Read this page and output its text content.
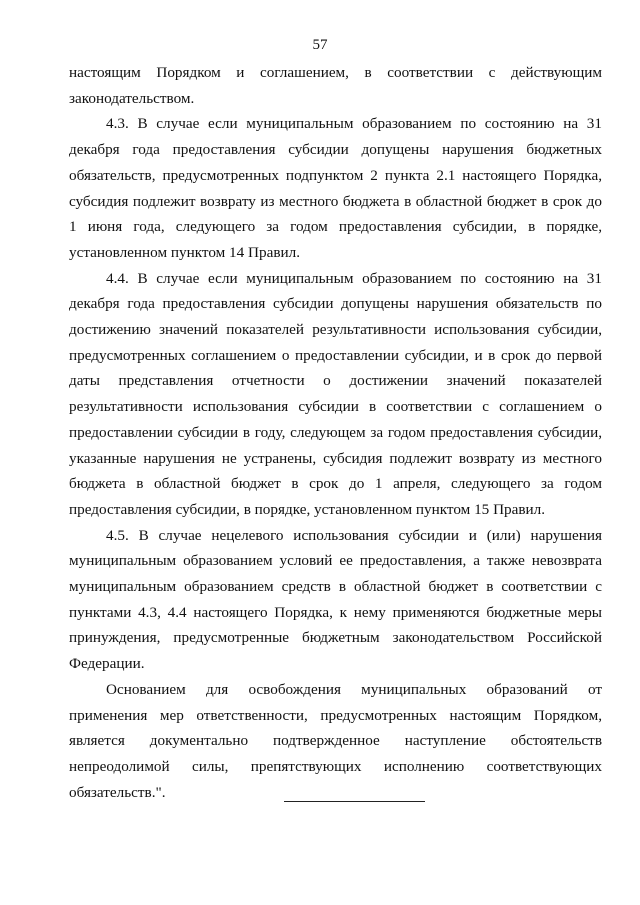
57

настоящим Порядком и соглашением, в соответствии с действующим законодательством.

4.3. В случае если муниципальным образованием по состоянию на 31 декабря года предоставления субсидии допущены нарушения бюджетных обязательств, предусмотренных подпунктом 2 пункта 2.1 настоящего Порядка, субсидия подлежит возврату из местного бюджета в областной бюджет в срок до 1 июня года, следующего за годом предоставления субсидии, в порядке, установленном пунктом 14 Правил.

4.4. В случае если муниципальным образованием по состоянию на 31 декабря года предоставления субсидии допущены нарушения обязательств по достижению значений показателей результативности использования субсидии, предусмотренных соглашением о предоставлении субсидии, и в срок до первой даты представления отчетности о достижении значений показателей результативности использования субсидии в соответствии с соглашением о предоставлении субсидии в году, следующем за годом предоставления субсидии, указанные нарушения не устранены, субсидия подлежит возврату из местного бюджета в областной бюджет в срок до 1 апреля, следующего за годом предоставления субсидии, в порядке, установленном пунктом 15 Правил.

4.5. В случае нецелевого использования субсидии и (или) нарушения муниципальным образованием условий ее предоставления, а также невозврата муниципальным образованием средств в областной бюджет в соответствии с пунктами 4.3, 4.4 настоящего Порядка, к нему применяются бюджетные меры принуждения, предусмотренные бюджетным законодательством Российской Федерации.

Основанием для освобождения муниципальных образований от применения мер ответственности, предусмотренных настоящим Порядком, является документально подтвержденное наступление обстоятельств непреодолимой силы, препятствующих исполнению соответствующих обязательств.".
